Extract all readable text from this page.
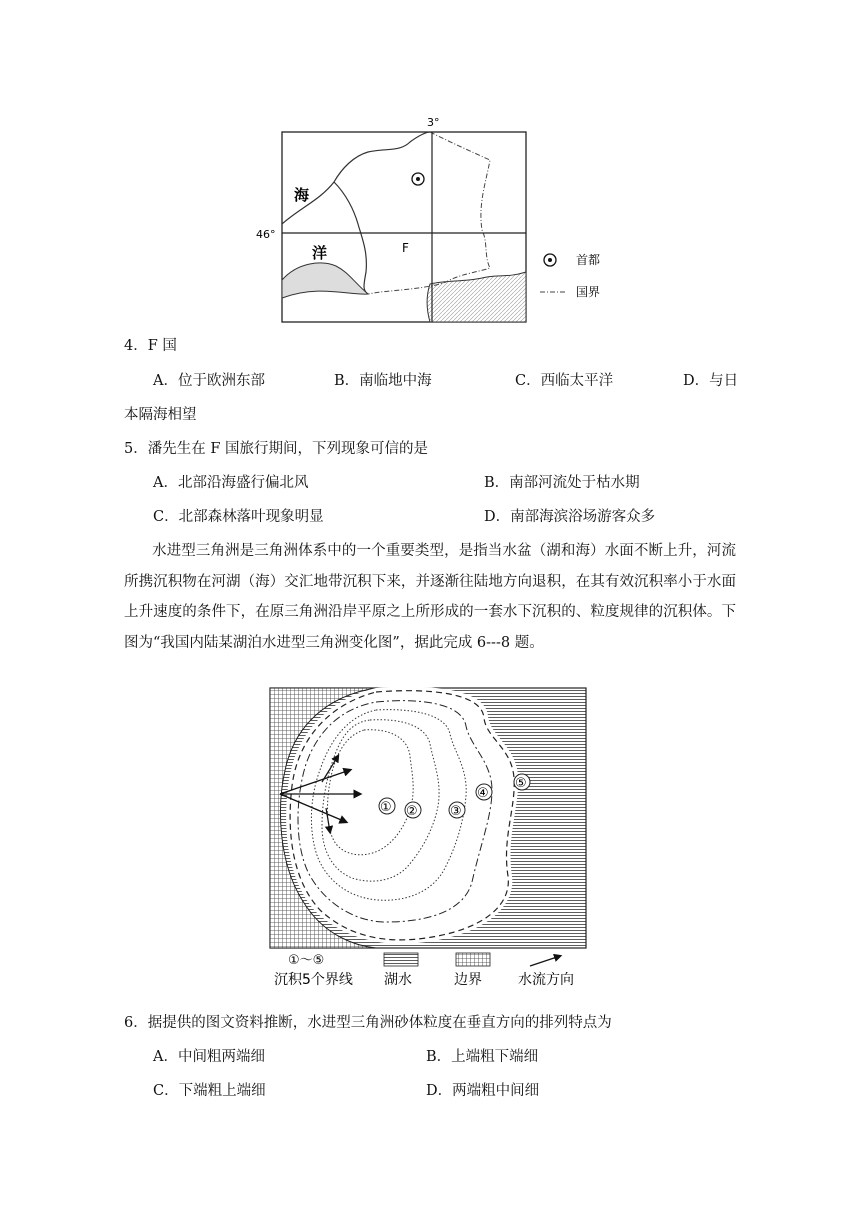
3°
46°
海
洋	F
首都
国界
4．F 国
A．位于欧洲东部	B．南临地中海	C．西临太平洋	D．与日
本隔海相望
5．潘先生在 F 国旅行期间，下列现象可信的是
A．北部沿海盛行偏北风	B．南部河流处于枯水期
C．北部森林落叶现象明显	D．南部海滨浴场游客众多
水进型三角洲是三角洲体系中的一个重要类型，是指当水盆（湖和海）水面不断上升，河流所携沉积物在河湖（海）交汇地带沉积下来，并逐渐往陆地方向退积，在其有效沉积率小于水面上升速度的条件下，在原三角洲沿岸平原之上所形成的一套水下沉积的、粒度规律的沉积体。下图为“我国内陆某湖泊水进型三角洲变化图”，据此完成 6---8 题。
① ② ③
④
⑤
①～⑤
沉积5个界线 湖水	边界	水流方向
6．据提供的图文资料推断，水进型三角洲砂体粒度在垂直方向的排列特点为
A．中间粗两端细	B．上端粗下端细
C．下端粗上端细	D．两端粗中间细
